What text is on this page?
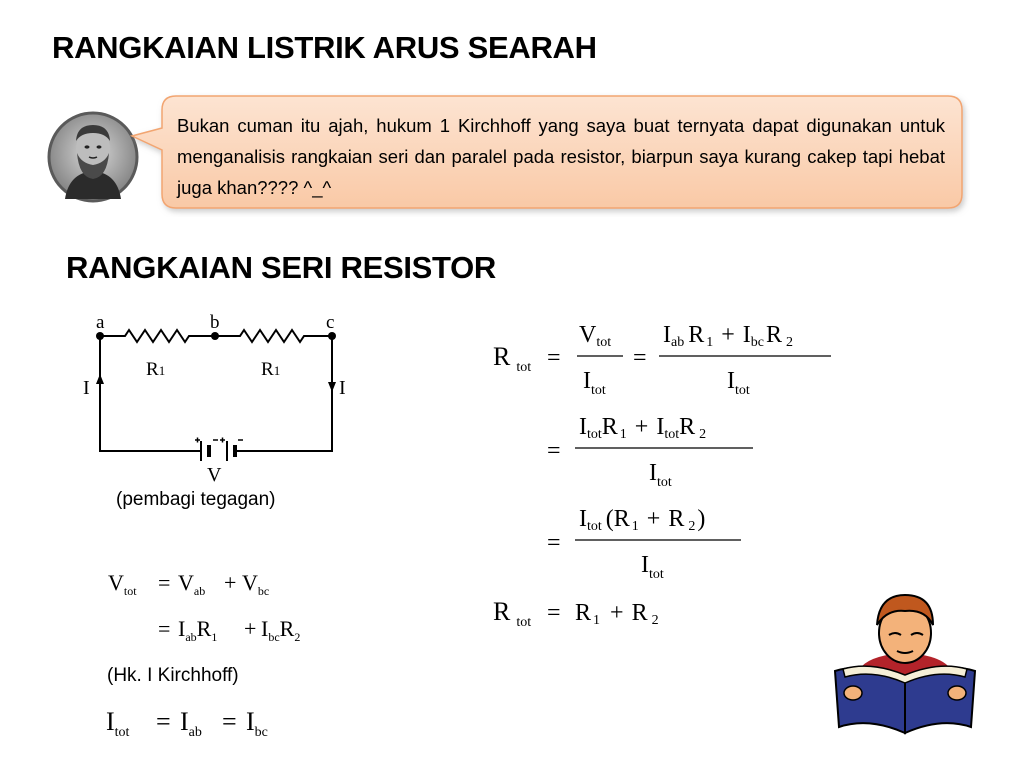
RANGKAIAN LISTRIK ARUS SEARAH
Bukan cuman itu ajah, hukum 1 Kirchhoff yang saya buat ternyata dapat digunakan untuk menganalisis rangkaian seri dan paralel pada resistor, biarpun saya kurang cakep tapi hebat juga khan???? ^_^
RANGKAIAN SERI RESISTOR
a	b	c
R1	R1
I	I
V
(pembagi tegagan)
$V_{tot} = V_{ab} + V_{bc}$
= $I_{ab}R_1 + I_{bc}R_2$
(Hk. I Kirchhoff)
$I_{tot} = I_{ab} = I_{bc}$
R $_{tot}$ =
Vtot
$I_{tot}$
=
Iab R 1 + IbcR 2
$I_{tot}$
=
ItotR 1 + ItotR 2
$I_{tot}$
=
Itot (R 1 + R 2)
$I_{tot}$
R $_{tot}$ = R 1 + R 2
